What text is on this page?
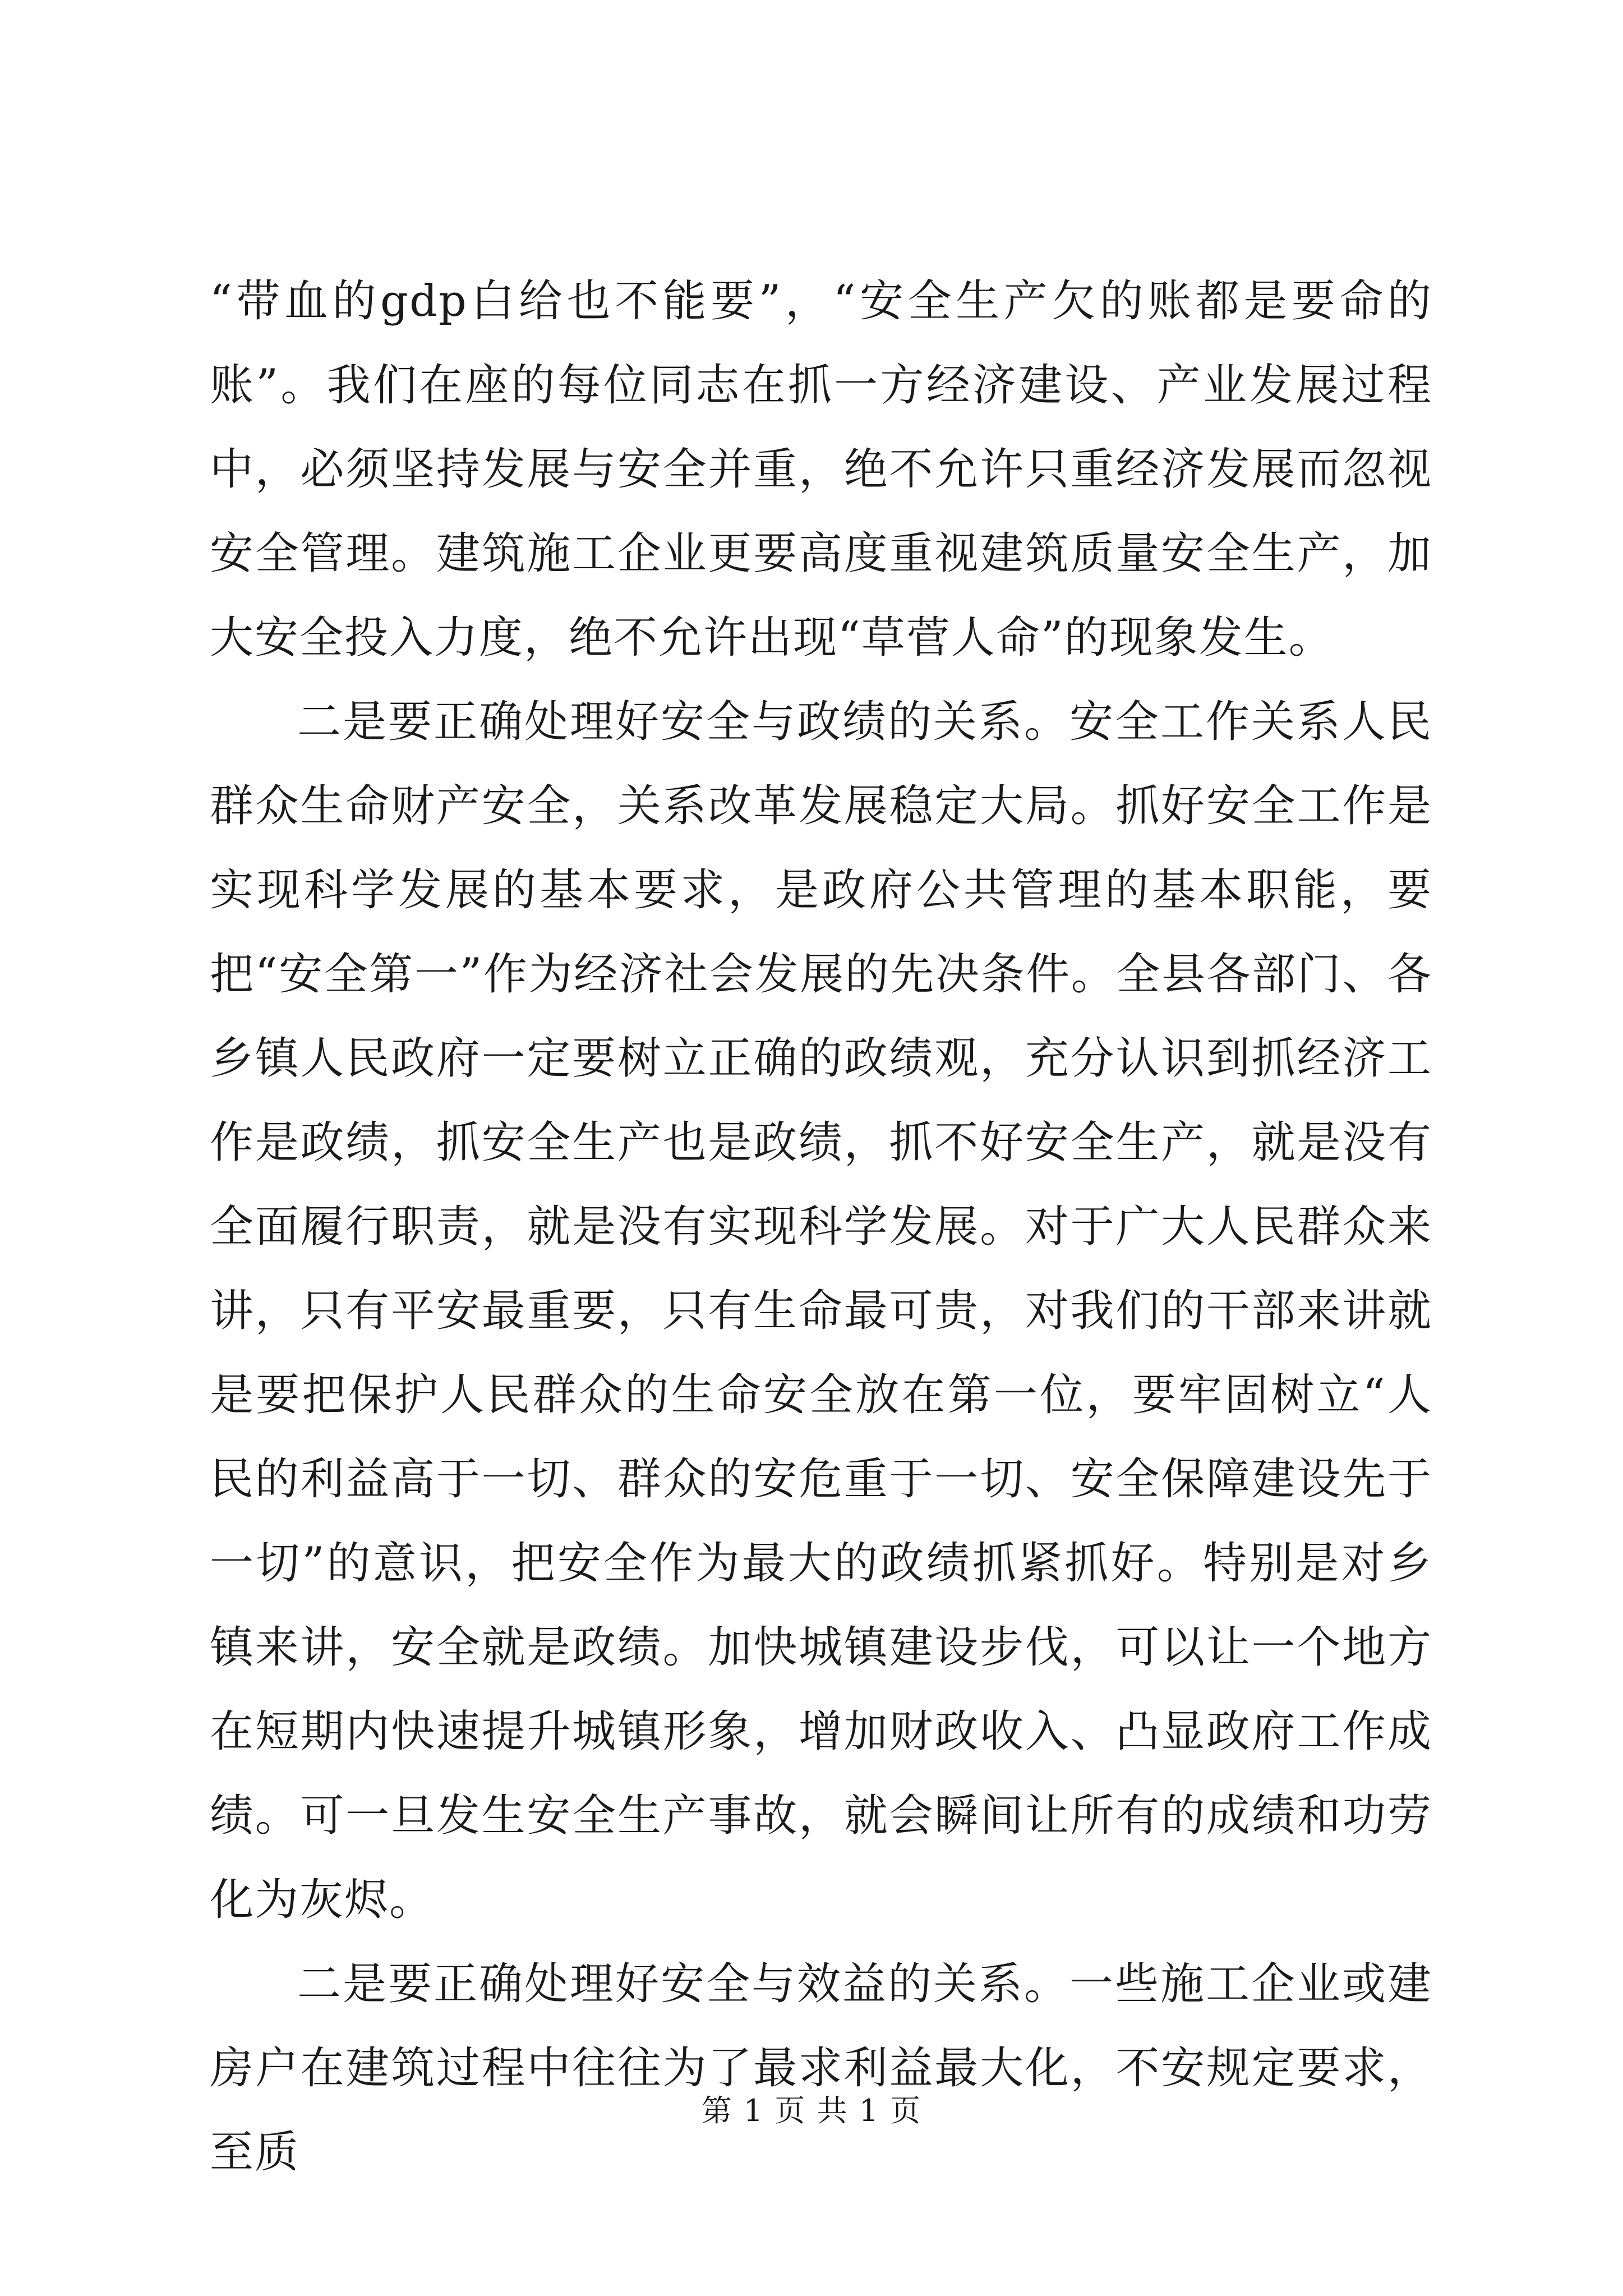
“带血的gdp白给也不能要”，“安全生产欠的账都是要命的账”。我们在座的每位同志在抓一方经济建设、产业发展过程中，必须坚持发展与安全并重，绝不允许只重经济发展而忽视安全管理。建筑施工企业更要高度重视建筑质量安全生产，加大安全投入力度，绝不允许出现“草菅人命”的现象发生。

二是要正确处理好安全与政绩的关系。安全工作关系人民群众生命财产安全，关系改革发展稳定大局。抓好安全工作是实现科学发展的基本要求，是政府公共管理的基本职能，要把“安全第一”作为经济社会发展的先决条件。全县各部门、各乡镇人民政府一定要树立正确的政绩观，充分认识到抓经济工作是政绩，抓安全生产也是政绩，抓不好安全生产，就是没有全面履行职责，就是没有实现科学发展。对于广大人民群众来讲，只有平安最重要，只有生命最可贵，对我们的干部来讲就是要把保护人民群众的生命安全放在第一位，要牢固树立“人民的利益高于一切、群众的安危重于一切、安全保障建设先于一切”的意识，把安全作为最大的政绩抓紧抓好。特别是对乡镇来讲，安全就是政绩。加快城镇建设步伐，可以让一个地方在短期内快速提升城镇形象，增加财政收入、凸显政府工作成绩。可一旦发生安全生产事故，就会瞬间让所有的成绩和功劳化为灰烬。

二是要正确处理好安全与效益的关系。一些施工企业或建房户在建筑过程中往往为了最求利益最大化，不安规定要求，至质

第 1 页 共 1 页
